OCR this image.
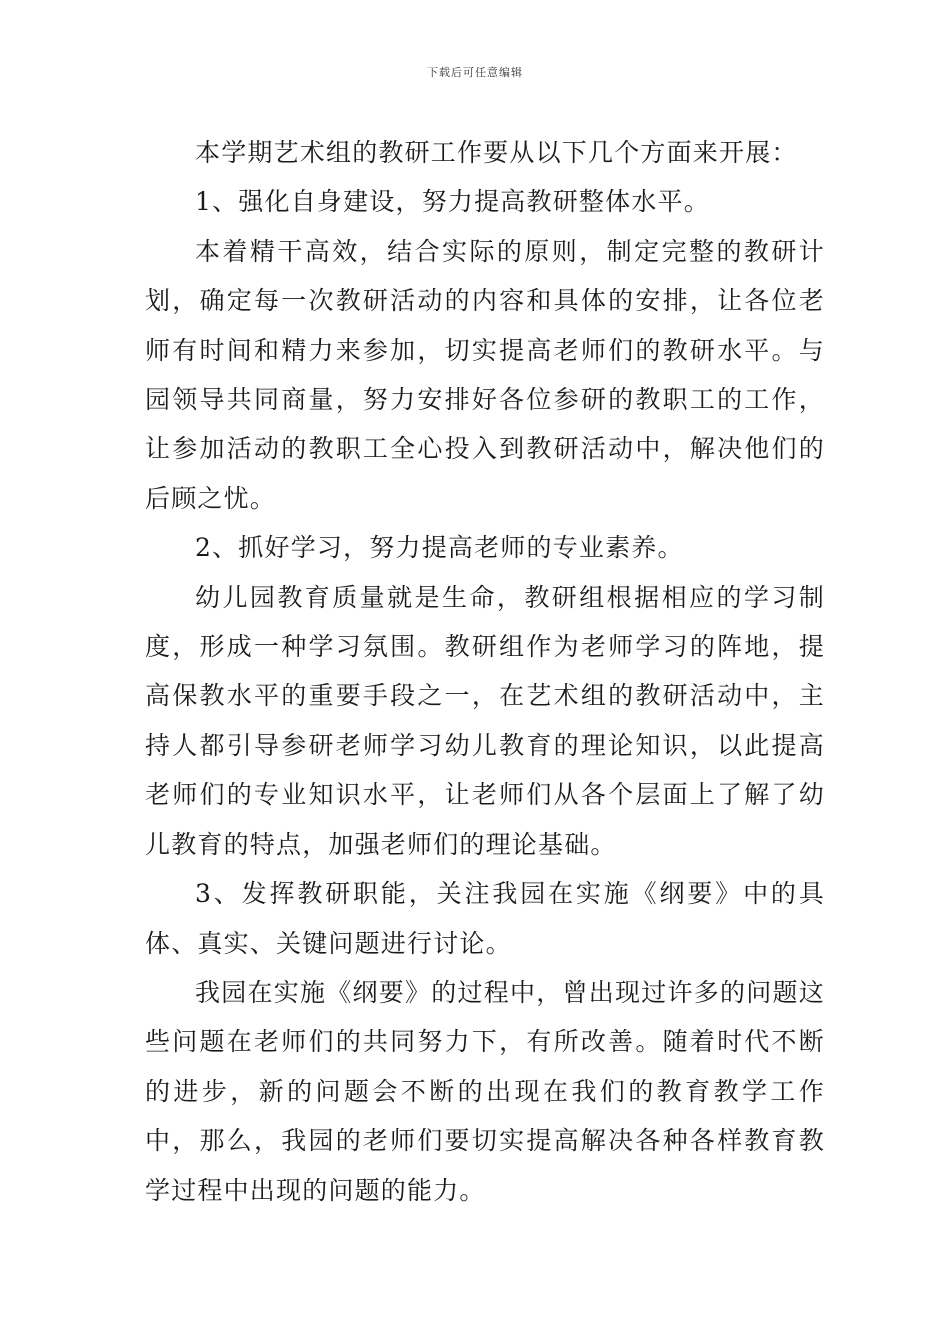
下载后可任意编辑

本学期艺术组的教研工作要从以下几个方面来开展：

1、强化自身建设，努力提高教研整体水平。

本着精干高效，结合实际的原则，制定完整的教研计划，确定每一次教研活动的内容和具体的安排，让各位老师有时间和精力来参加，切实提高老师们的教研水平。与园领导共同商量，努力安排好各位参研的教职工的工作，让参加活动的教职工全心投入到教研活动中，解决他们的后顾之忧。

2、抓好学习，努力提高老师的专业素养。

幼儿园教育质量就是生命，教研组根据相应的学习制度，形成一种学习氛围。教研组作为老师学习的阵地，提高保教水平的重要手段之一，在艺术组的教研活动中，主持人都引导参研老师学习幼儿教育的理论知识，以此提高老师们的专业知识水平，让老师们从各个层面上了解了幼儿教育的特点，加强老师们的理论基础。

3、发挥教研职能，关注我园在实施《纲要》中的具体、真实、关键问题进行讨论。

我园在实施《纲要》的过程中，曾出现过许多的问题这些问题在老师们的共同努力下，有所改善。随着时代不断的进步，新的问题会不断的出现在我们的教育教学工作中，那么，我园的老师们要切实提高解决各种各样教育教学过程中出现的问题的能力。
